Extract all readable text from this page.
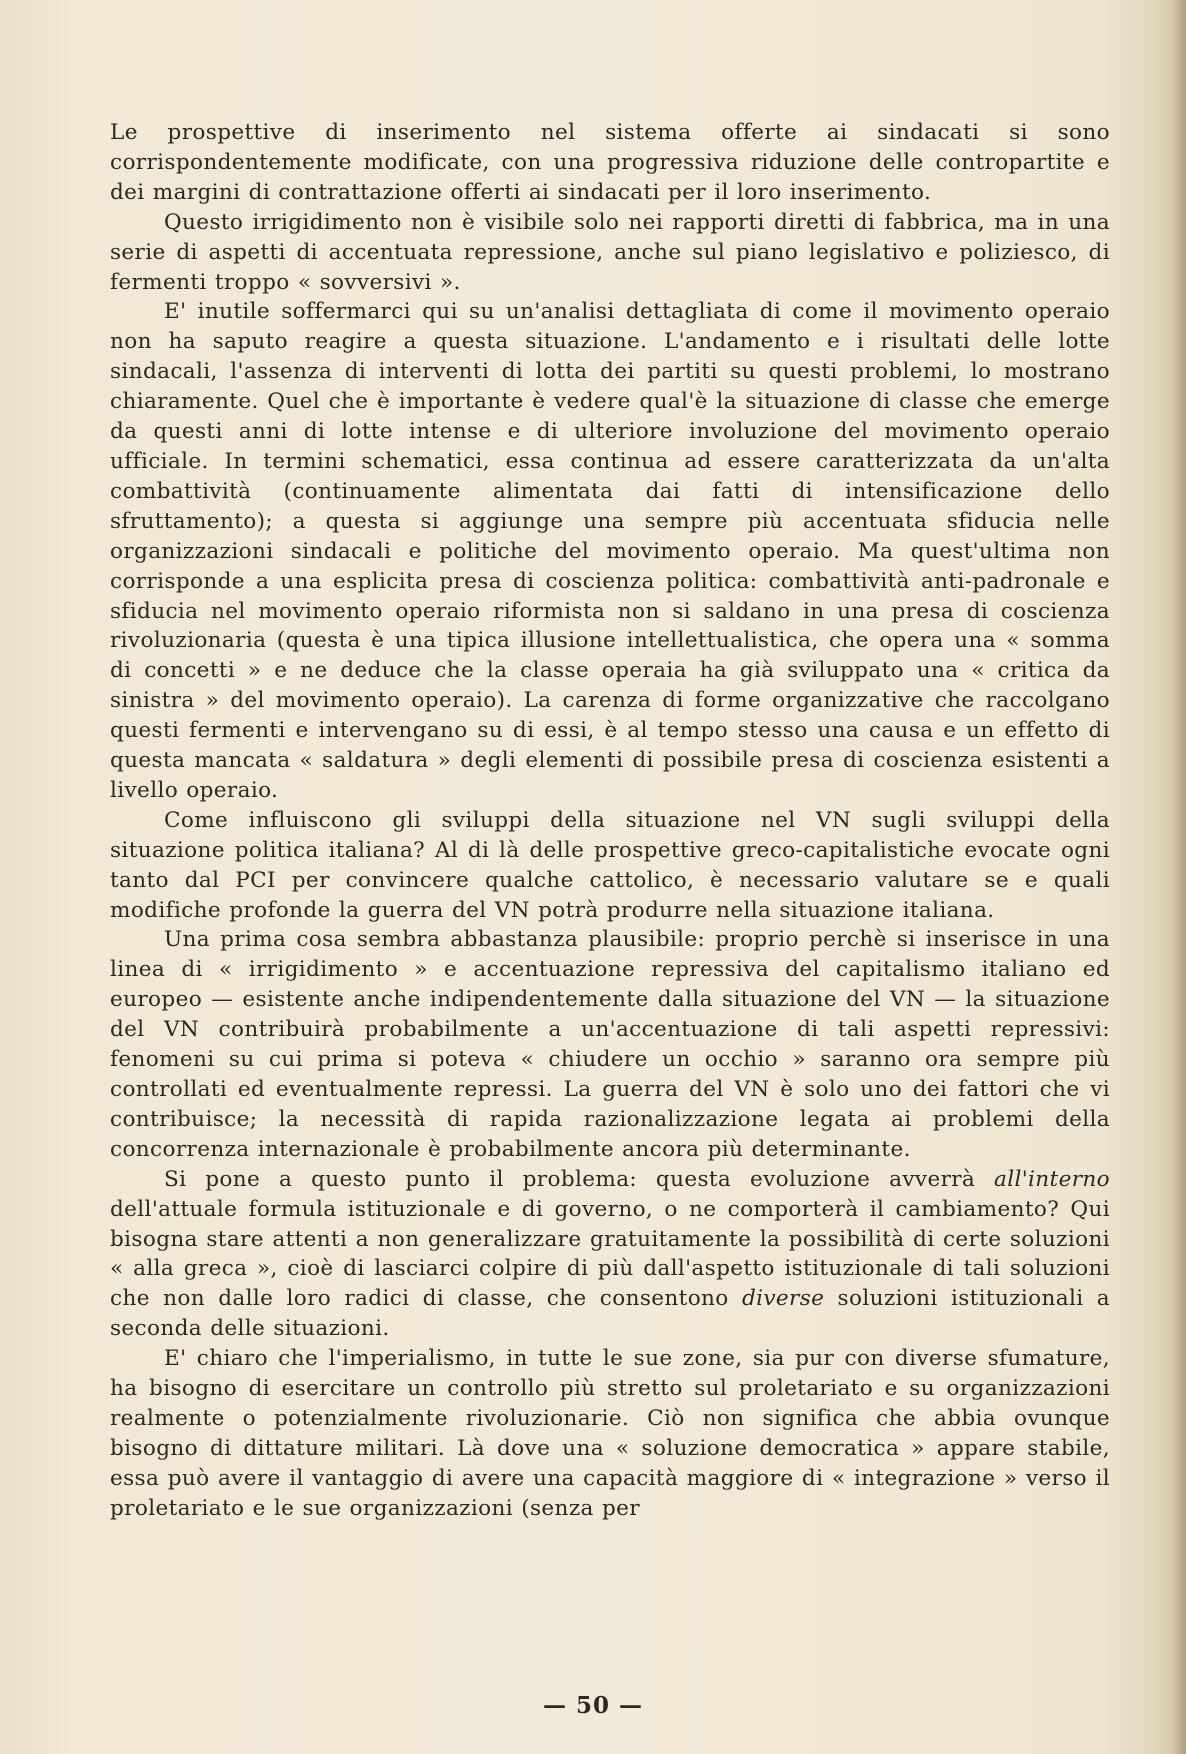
Le prospettive di inserimento nel sistema offerte ai sindacati si sono corrispondentemente modificate, con una progressiva riduzione delle contropartite e dei margini di contrattazione offerti ai sindacati per il loro inserimento.

Questo irrigidimento non è visibile solo nei rapporti diretti di fabbrica, ma in una serie di aspetti di accentuata repressione, anche sul piano legislativo e poliziesco, di fermenti troppo « sovversivi ».

E' inutile soffermarci qui su un'analisi dettagliata di come il movimento operaio non ha saputo reagire a questa situazione. L'andamento e i risultati delle lotte sindacali, l'assenza di interventi di lotta dei partiti su questi problemi, lo mostrano chiaramente. Quel che è importante è vedere qual'è la situazione di classe che emerge da questi anni di lotte intense e di ulteriore involuzione del movimento operaio ufficiale. In termini schematici, essa continua ad essere caratterizzata da un'alta combattività (continuamente alimentata dai fatti di intensificazione dello sfruttamento); a questa si aggiunge una sempre più accentuata sfiducia nelle organizzazioni sindacali e politiche del movimento operaio. Ma quest'ultima non corrisponde a una esplicita presa di coscienza politica: combattività anti-padronale e sfiducia nel movimento operaio riformista non si saldano in una presa di coscienza rivoluzionaria (questa è una tipica illusione intellettualistica, che opera una « somma di concetti » e ne deduce che la classe operaia ha già sviluppato una « critica da sinistra » del movimento operaio). La carenza di forme organizzative che raccolgano questi fermenti e intervengano su di essi, è al tempo stesso una causa e un effetto di questa mancata « saldatura » degli elementi di possibile presa di coscienza esistenti a livello operaio.

Come influiscono gli sviluppi della situazione nel VN sugli sviluppi della situazione politica italiana? Al di là delle prospettive greco-capitalistiche evocate ogni tanto dal PCI per convincere qualche cattolico, è necessario valutare se e quali modifiche profonde la guerra del VN potrà produrre nella situazione italiana.

Una prima cosa sembra abbastanza plausibile: proprio perchè si inserisce in una linea di « irrigidimento » e accentuazione repressiva del capitalismo italiano ed europeo — esistente anche indipendentemente dalla situazione del VN — la situazione del VN contribuirà probabilmente a un'accentuazione di tali aspetti repressivi: fenomeni su cui prima si poteva « chiudere un occhio » saranno ora sempre più controllati ed eventualmente repressi. La guerra del VN è solo uno dei fattori che vi contribuisce; la necessità di rapida razionalizzazione legata ai problemi della concorrenza internazionale è probabilmente ancora più determinante.

Si pone a questo punto il problema: questa evoluzione avverrà all'interno dell'attuale formula istituzionale e di governo, o ne comporterà il cambiamento? Qui bisogna stare attenti a non generalizzare gratuitamente la possibilità di certe soluzioni « alla greca », cioè di lasciarci colpire di più dall'aspetto istituzionale di tali soluzioni che non dalle loro radici di classe, che consentono diverse soluzioni istituzionali a seconda delle situazioni.

E' chiaro che l'imperialismo, in tutte le sue zone, sia pur con diverse sfumature, ha bisogno di esercitare un controllo più stretto sul proletariato e su organizzazioni realmente o potenzialmente rivoluzionarie. Ciò non significa che abbia ovunque bisogno di dittature militari. Là dove una « soluzione democratica » appare stabile, essa può avere il vantaggio di avere una capacità maggiore di « integrazione » verso il proletariato e le sue organizzazioni (senza per

— 50 —
